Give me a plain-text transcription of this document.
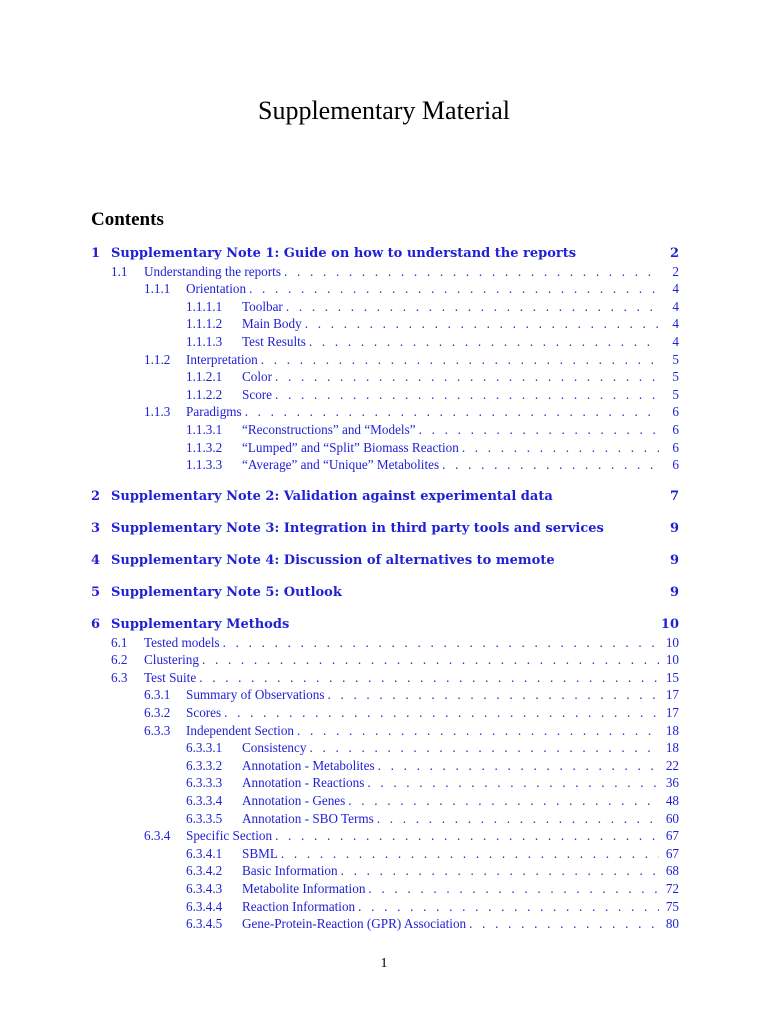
Supplementary Material
Contents
1 Supplementary Note 1: Guide on how to understand the reports	2
1.1	Understanding the reports . . .	2
1.1.1	Orientation . . .	4
1.1.1.1	Toolbar . . .	4
1.1.1.2	Main Body . . .	4
1.1.1.3	Test Results . . .	4
1.1.2	Interpretation . . .	5
1.1.2.1	Color . . .	5
1.1.2.2	Score . . .	5
1.1.3	Paradigms . . .	6
1.1.3.1	“Reconstructions” and “Models” . . .	6
1.1.3.2	“Lumped” and “Split” Biomass Reaction . . .	6
1.1.3.3	“Average” and “Unique” Metabolites . . .	6
2 Supplementary Note 2: Validation against experimental data	7
3 Supplementary Note 3: Integration in third party tools and services	9
4 Supplementary Note 4: Discussion of alternatives to memote	9
5 Supplementary Note 5: Outlook	9
6 Supplementary Methods	10
6.1	Tested models . . .	10
6.2	Clustering . . .	10
6.3	Test Suite . . .	15
6.3.1	Summary of Observations . . .	17
6.3.2	Scores . . .	17
6.3.3	Independent Section . . .	18
6.3.3.1	Consistency . . .	18
6.3.3.2	Annotation - Metabolites . . .	22
6.3.3.3	Annotation - Reactions . . .	36
6.3.3.4	Annotation - Genes . . .	48
6.3.3.5	Annotation - SBO Terms . . .	60
6.3.4	Specific Section . . .	67
6.3.4.1	SBML . . .	67
6.3.4.2	Basic Information . . .	68
6.3.4.3	Metabolite Information . . .	72
6.3.4.4	Reaction Information . . .	75
6.3.4.5	Gene-Protein-Reaction (GPR) Association . . .	80
1
